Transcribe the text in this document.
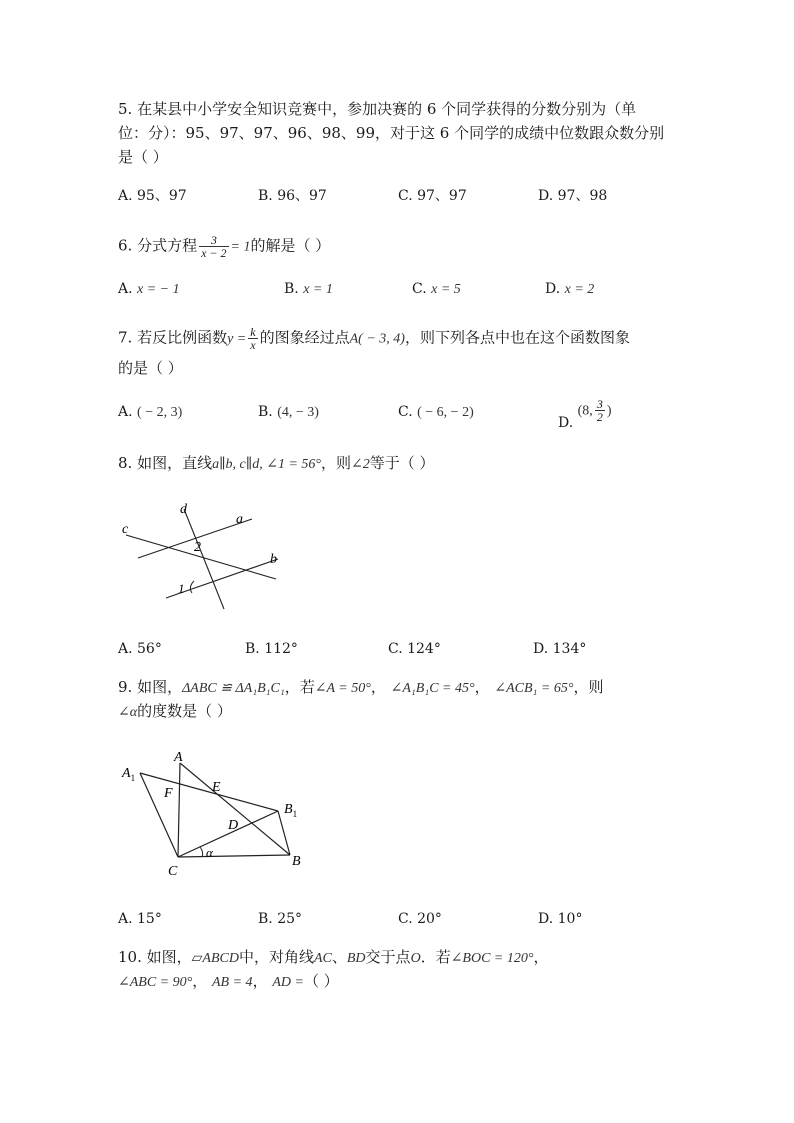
5. 在某县中小学安全知识竞赛中，参加决赛的 6 个同学获得的分数分别为（单
位：分）：95、97、97、96、98、99，对于这 6 个同学的成绩中位数跟众数分别
是（ ）
A. 95、97	B. 96、97	C. 97、97	D. 97、98
6. 分式方程 $\frac{3}{x - 2} = 1$的解是（ ）
A. x = − 1	B. x = 1	C. x = 5	D. x = 2
7. 若反比例函数$y = \frac{k}{x}$ 的图象经过点A( − 3, 4)，则下列各点中也在这个函数图象
的是（ ）
A. ( − 2, 3)	B. (4, − 3)	C. ( − 6, − 2)
D. (8, $\frac{3}{2}$ )
8. 如图，直线a∥b, c∥d, ∠1 = 56°，则∠2等于（ ）
d
a
c
b
2
1
A. 56°	B. 112°	C. 124°	D. 134°
9. 如图，ΔABC ≌ ΔA₁B₁C₁，若∠A = 50°， ∠A₁B₁C = 45°， ∠ACB₁ = 65°，则
∠α的度数是（ ）
A
$A_1$
E
F
D
$B_1$
C
B
α
A. 15°	B. 25°	C. 20°	D. 10°
10. 如图，▱ABCD中，对角线AC、BD交于点O．若∠BOC = 120°，
∠ABC = 90°， AB = 4， AD =（ ）
